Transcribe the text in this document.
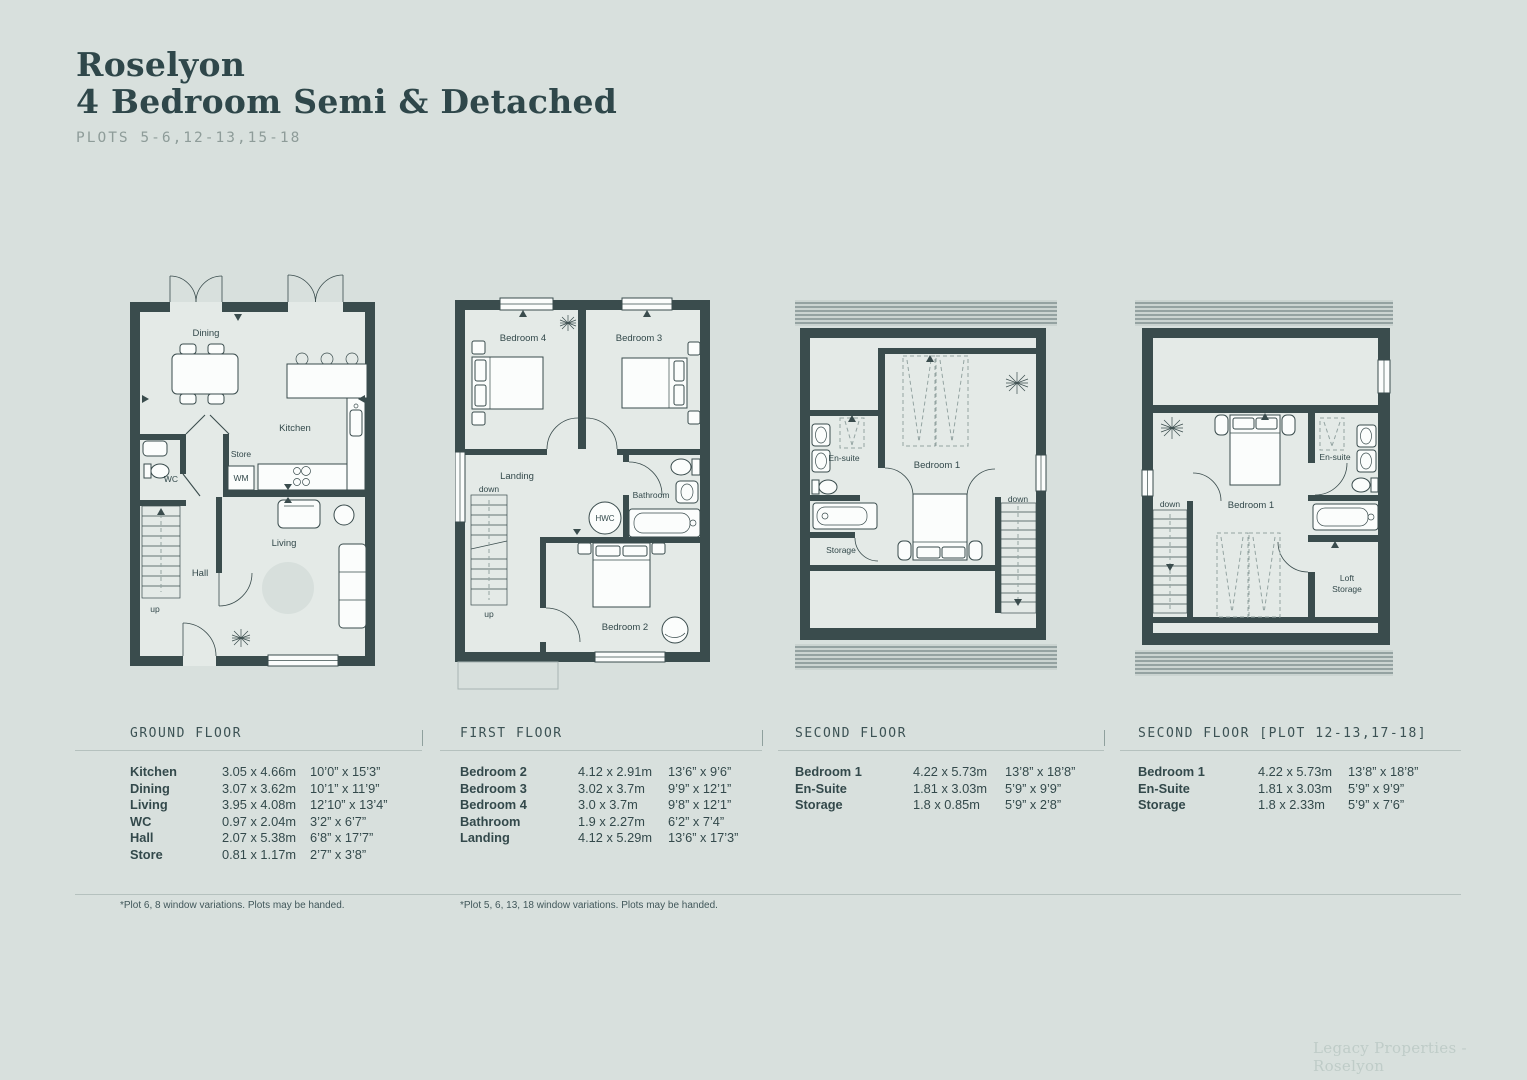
Roselyon
4 Bedroom Semi & Detached
PLOTS 5-6,12-13,15-18
Dining
Kitchen
Store
WM
WC
Hall
Living
up
Bedroom 4	Bedroom 3
Landing
down
up
Bathroom
HWC
Bedroom 2
En-suite
Bedroom 1
Storage
down
Bedroom 1
En-suite
down
Loft
Storage
GROUND FLOOR
Kitchen	3.05 x 4.66m	10’0” x 15’3”
Dining	3.07 x 3.62m	10’1” x 11’9”
Living	3.95 x 4.08m	12’10” x 13’4”
WC	0.97 x 2.04m	3’2” x 6’7”
Hall	2.07 x 5.38m	6’8” x 17’7”
Store	0.81 x 1.17m	2’7” x 3’8”
FIRST FLOOR
Bedroom 2	4.12 x 2.91m	13’6” x 9’6”
Bedroom 3	3.02 x 3.7m	9’9” x 12’1”
Bedroom 4	3.0 x 3.7m	9’8” x 12’1”
Bathroom	1.9 x 2.27m	6’2” x 7’4”
Landing	4.12 x 5.29m	13’6” x 17’3”
SECOND FLOOR
Bedroom 1	4.22 x 5.73m	13’8” x 18’8”
En-Suite	1.81 x 3.03m	5’9” x 9’9”
Storage	1.8 x 0.85m	5’9” x 2’8”
SECOND FLOOR [PLOT 12-13,17-18]
Bedroom 1	4.22 x 5.73m	13’8” x 18’8”
En-Suite	1.81 x 3.03m	5’9” x 9’9”
Storage	1.8 x 2.33m	5’9” x 7’6”
*Plot 6, 8 window variations. Plots may be handed.	*Plot 5, 6, 13, 18 window variations. Plots may be handed.
Legacy Properties - Roselyon
